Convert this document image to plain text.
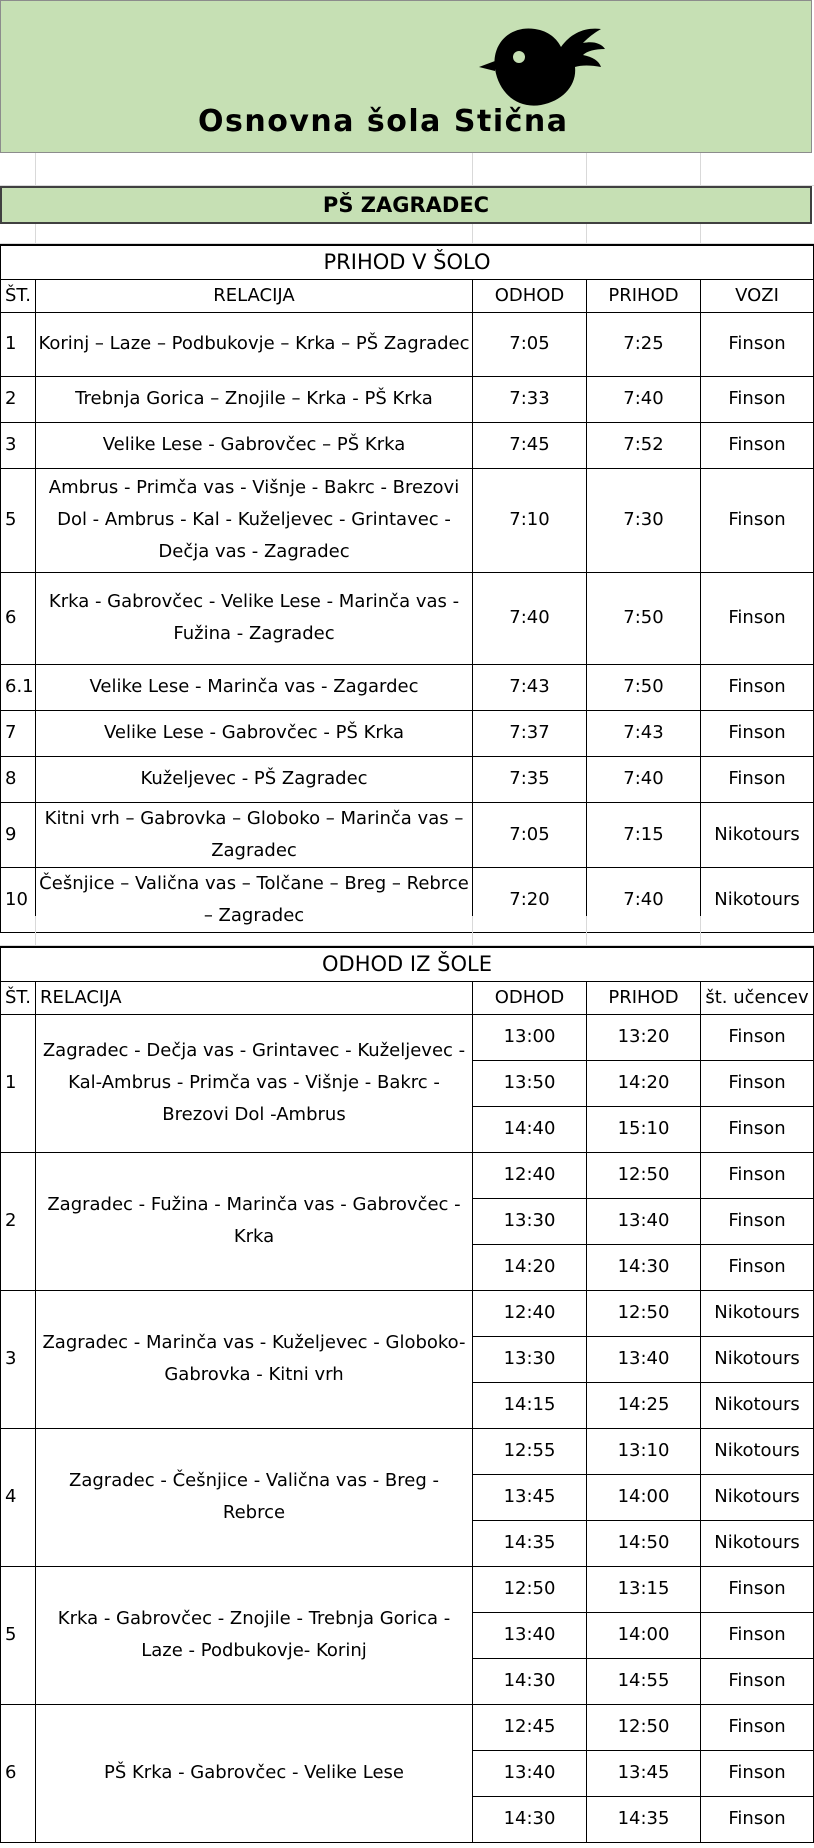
Osnovna šola Stična
PŠ ZAGRADEC
PRIHOD V ŠOLO				
ŠT.	RELACIJA	ODHOD	PRIHOD	VOZI
1	Korinj – Laze – Podbukovje – Krka – PŠ Zagradec	7:05	7:25	Finson
2	Trebnja Gorica – Znojile – Krka - PŠ Krka	7:33	7:40	Finson
3	Velike Lese - Gabrovčec – PŠ Krka	7:45	7:52	Finson
5	Ambrus - Primča vas - Višnje - Bakrc - Brezovi Dol - Ambrus - Kal - Kuželjevec - Grintavec - Dečja vas - Zagradec	7:10	7:30	Finson
6	Krka - Gabrovčec - Velike Lese - Marinča vas - Fužina - Zagradec	7:40	7:50	Finson
6.1	Velike Lese - Marinča vas - Zagardec	7:43	7:50	Finson
7	Velike Lese - Gabrovčec - PŠ Krka	7:37	7:43	Finson
8	Kuželjevec - PŠ Zagradec	7:35	7:40	Finson
9	Kitni vrh – Gabrovka – Globoko – Marinča vas – Zagradec	7:05	7:15	Nikotours
10	Češnjice – Valična vas – Tolčane – Breg – Rebrce – Zagradec	7:20	7:40	Nikotours
ODHOD IZ ŠOLE				
ŠT.	RELACIJA	ODHOD	PRIHOD	št. učencev
1	Zagradec - Dečja vas - Grintavec - Kuželjevec - Kal-Ambrus - Primča vas - Višnje - Bakrc - Brezovi Dol -Ambrus	13:00	13:20	Finson
		13:50	14:20	Finson
		14:40	15:10	Finson
2	Zagradec - Fužina - Marinča vas - Gabrovčec - Krka	12:40	12:50	Finson
		13:30	13:40	Finson
		14:20	14:30	Finson
3	Zagradec - Marinča vas - Kuželjevec - Globoko- Gabrovka - Kitni vrh	12:40	12:50	Nikotours
		13:30	13:40	Nikotours
		14:15	14:25	Nikotours
4	Zagradec - Češnjice - Valična vas - Breg - Rebrce	12:55	13:10	Nikotours
		13:45	14:00	Nikotours
		14:35	14:50	Nikotours
5	Krka - Gabrovčec - Znojile - Trebnja Gorica - Laze - Podbukovje- Korinj	12:50	13:15	Finson
		13:40	14:00	Finson
		14:30	14:55	Finson
6	PŠ Krka - Gabrovčec - Velike Lese	12:45	12:50	Finson
		13:40	13:45	Finson
		14:30	14:35	Finson
